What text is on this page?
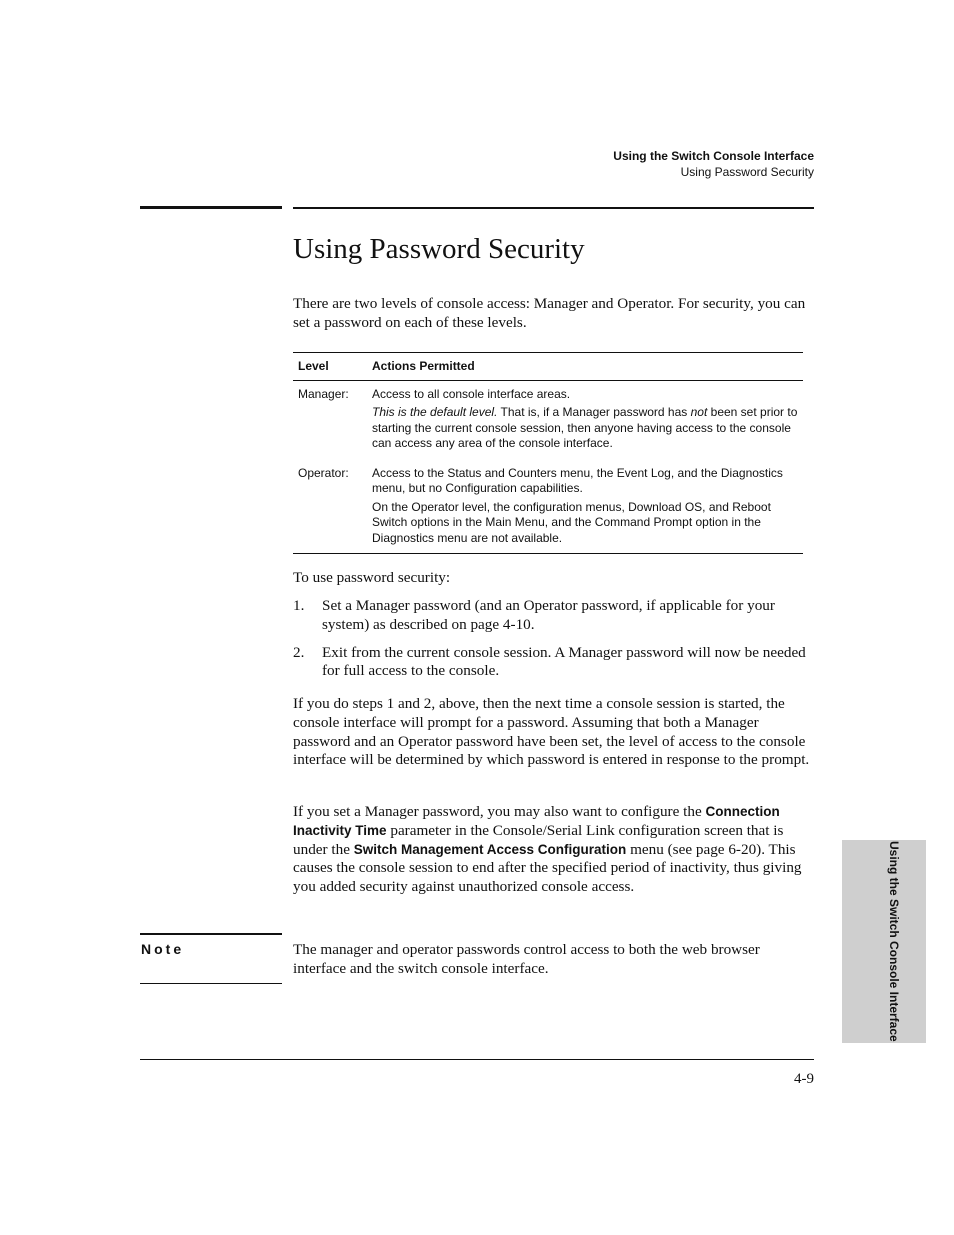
Using the Switch Console Interface
Using Password Security
Using Password Security

There are two levels of console access: Manager and Operator. For security, you can set a password on each of these levels.

Level	Actions Permitted
Manager:	Access to all console interface areas.

This is the default level. That is, if a Manager password has not been set prior to starting the current console session, then anyone having access to the console can access any area of the console interface.

Operator:	Access to the Status and Counters menu, the Event Log, and the Diagnostics menu, but no Configuration capabilities.

On the Operator level, the configuration menus, Download OS, and Reboot Switch options in the Main Menu, and the Command Prompt option in the Diagnostics menu are not available.

To use password security:

1. Set a Manager password (and an Operator password, if applicable for your system) as described on page 4-10.
2. Exit from the current console session. A Manager password will now be needed for full access to the console.

If you do steps 1 and 2, above, then the next time a console session is started, the console interface will prompt for a password. Assuming that both a Manager password and an Operator password have been set, the level of access to the console interface will be determined by which password is entered in response to the prompt.

If you set a Manager password, you may also want to configure the Connection Inactivity Time parameter in the Console/Serial Link configuration screen that is under the Switch Management Access Configuration menu (see page 6-20). This causes the console session to end after the specified period of inactivity, thus giving you added security against unauthorized console access.

Note	The manager and operator passwords control access to both the web browser interface and the switch console interface.

4-9
Using the Switch Console Interface
